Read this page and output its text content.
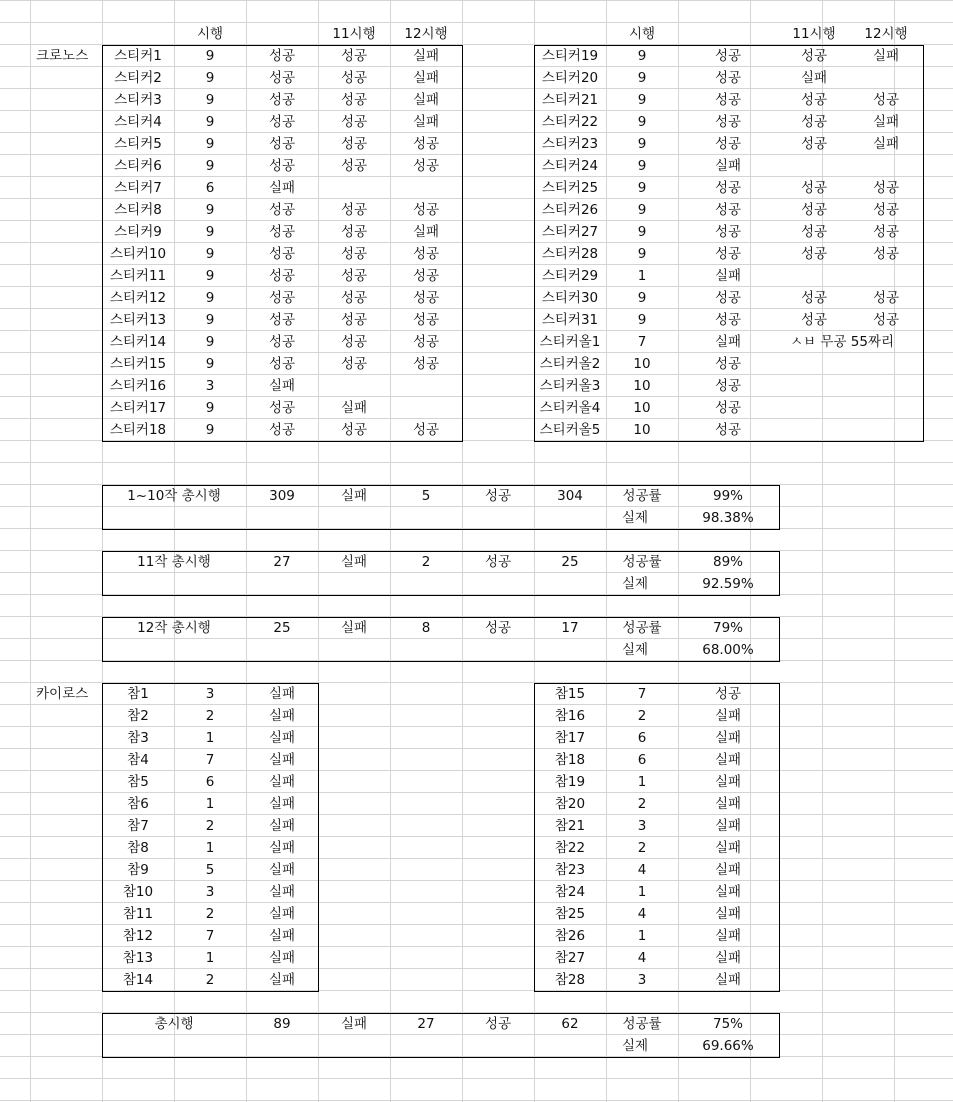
시행	11시행	12시행	시행	11시행	12시행
크로노스	스티커1	9	성공	성공	실패
스티커2	9	성공	성공	실패
스티커3	9	성공	성공	실패
스티커4	9	성공	성공	실패
스티커5	9	성공	성공	성공
스티커6	9	성공	성공	성공
스티커7	6	실패
스티커8	9	성공	성공	성공
스티커9	9	성공	성공	실패
스티커10	9	성공	성공	성공
스티커11	9	성공	성공	성공
스티커12	9	성공	성공	성공
스티커13	9	성공	성공	성공
스티커14	9	성공	성공	성공
스티커15	9	성공	성공	성공
스티커16	3	실패
스티커17	9	성공	실패
스티커18	9	성공	성공	성공
스티커19	9	성공	성공	실패
스티커20	9	성공	실패
스티커21	9	성공	성공	성공
스티커22	9	성공	성공	실패
스티커23	9	성공	성공	실패
스티커24	9	실패
스티커25	9	성공	성공	성공
스티커26	9	성공	성공	성공
스티커27	9	성공	성공	성공
스티커28	9	성공	성공	성공
스티커29	1	실패
스티커30	9	성공	성공	성공
스티커31	9	성공	성공	성공
스티커올1	7	실패
스티커올2	10	성공
스티커올3	10	성공
스티커올4	10	성공
스티커올5	10	성공
ㅅㅂ 무공 55짜리
1~10작 총시행	309	실패	5	성공	304	성공률	99%
실제	98.38%
11작 총시행	27	실패	2	성공	25	성공률	89%
실제	92.59%
12작 총시행	25	실패	8	성공	17	성공률	79%
실제	68.00%
총시행	89	실패	27	성공	62	성공률	75%
실제	69.66%
카이로스	참1	3	실패
참2	2	실패
참3	1	실패
참4	7	실패
참5	6	실패
참6	1	실패
참7	2	실패
참8	1	실패
참9	5	실패
참10	3	실패
참11	2	실패
참12	7	실패
참13	1	실패
참14	2	실패
참15	7	성공
참16	2	실패
참17	6	실패
참18	6	실패
참19	1	실패
참20	2	실패
참21	3	실패
참22	2	실패
참23	4	실패
참24	1	실패
참25	4	실패
참26	1	실패
참27	4	실패
참28	3	실패
